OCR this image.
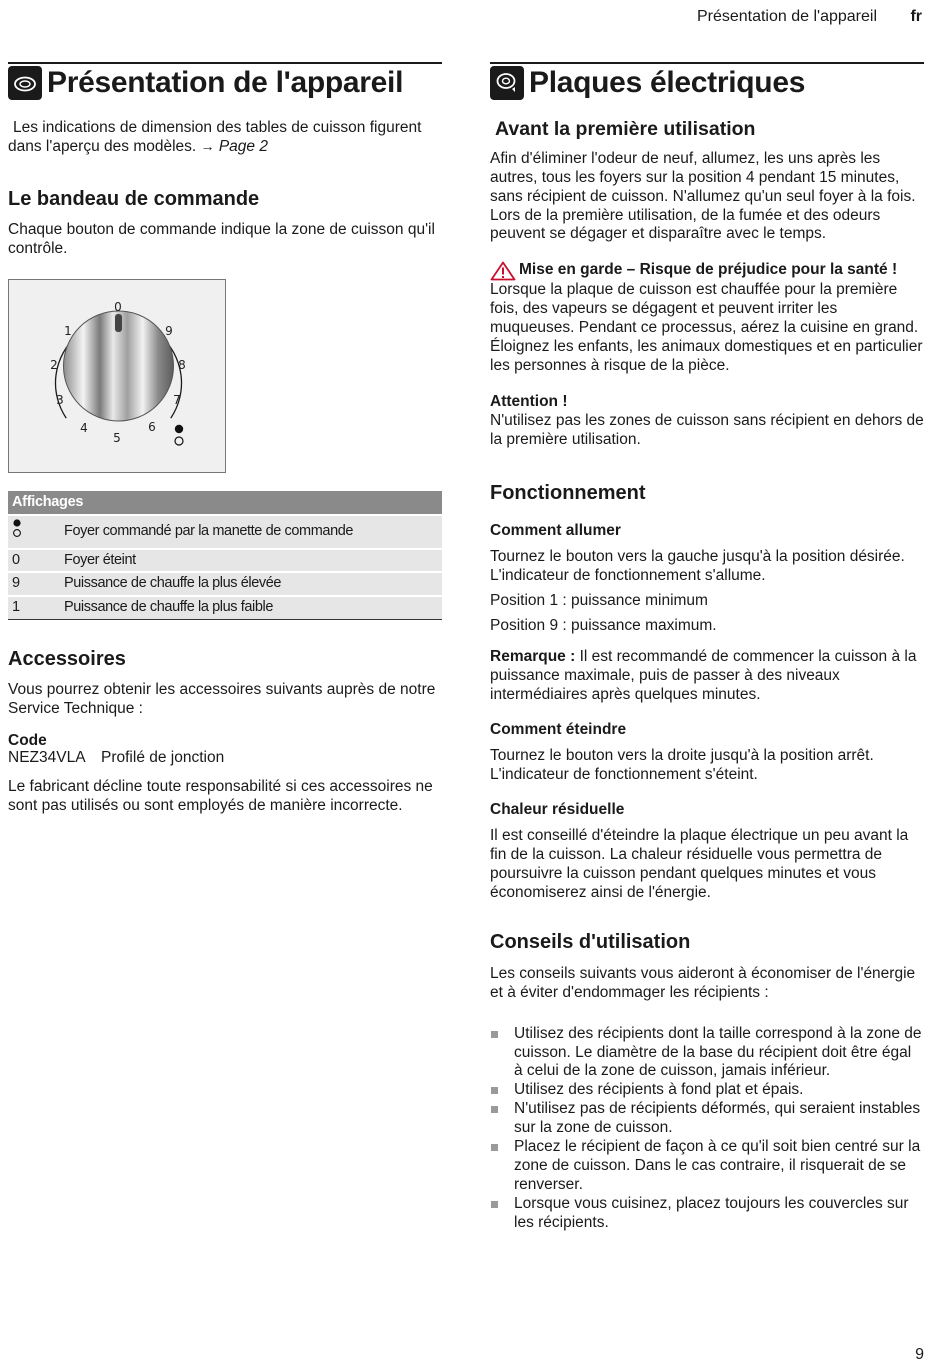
Présentation de l'appareil fr
Présentation de l'appareil

Les indications de dimension des tables de cuisson figurent dans l'aperçu des modèles. → Page 2

Le bandeau de commande

Chaque bouton de commande indique la zone de cuisson qu'il contrôle.

0
1
2
3
4
5
6
7
8
9
Affichages	
	Foyer commandé par la manette de commande
0	Foyer éteint
9	Puissance de chauffe la plus élevée
1	Puissance de chauffe la plus faible
Accessoires

Vous pourrez obtenir les accessoires suivants auprès de notre Service Technique :

Code
NEZ34VLA Profilé de jonction

Le fabricant décline toute responsabilité si ces accessoires ne sont pas utilisés ou sont employés de manière incorrecte.

Plaques électriques
Avant la première utilisation

Afin d'éliminer l'odeur de neuf, allumez, les uns après les autres, tous les foyers sur la position 4 pendant 15 minutes, sans récipient de cuisson. N'allumez qu'un seul foyer à la fois. Lors de la première utilisation, de la fumée et des odeurs peuvent se dégager et disparaître avec le temps.

Mise en garde – Risque de préjudice pour la santé !

Lorsque la plaque de cuisson est chauffée pour la première fois, des vapeurs se dégagent et peuvent irriter les muqueuses. Pendant ce processus, aérez la cuisine en grand. Éloignez les enfants, les animaux domestiques et en particulier les personnes à risque de la pièce.

Attention !

N'utilisez pas les zones de cuisson sans récipient en dehors de la première utilisation.

Fonctionnement
Comment allumer

Tournez le bouton vers la gauche jusqu'à la position désirée. L'indicateur de fonctionnement s'allume.

Position 1 : puissance minimum

Position 9 : puissance maximum.

Remarque : Il est recommandé de commencer la cuisson à la puissance maximale, puis de passer à des niveaux intermédiaires après quelques minutes.

Comment éteindre

Tournez le bouton vers la droite jusqu'à la position arrêt. L'indicateur de fonctionnement s'éteint.

Chaleur résiduelle

Il est conseillé d'éteindre la plaque électrique un peu avant la fin de la cuisson. La chaleur résiduelle vous permettra de poursuivre la cuisson pendant quelques minutes et vous économiserez ainsi de l'énergie.

Conseils d'utilisation

Les conseils suivants vous aideront à économiser de l'énergie et à éviter d'endommager les récipients :

Utilisez des récipients dont la taille correspond à la zone de cuisson. Le diamètre de la base du récipient doit être égal à celui de la zone de cuisson, jamais inférieur.
Utilisez des récipients à fond plat et épais.
N'utilisez pas de récipients déformés, qui seraient instables sur la zone de cuisson.
Placez le récipient de façon à ce qu'il soit bien centré sur la zone de cuisson. Dans le cas contraire, il risquerait de se renverser.
Lorsque vous cuisinez, placez toujours les couvercles sur les récipients.
9
